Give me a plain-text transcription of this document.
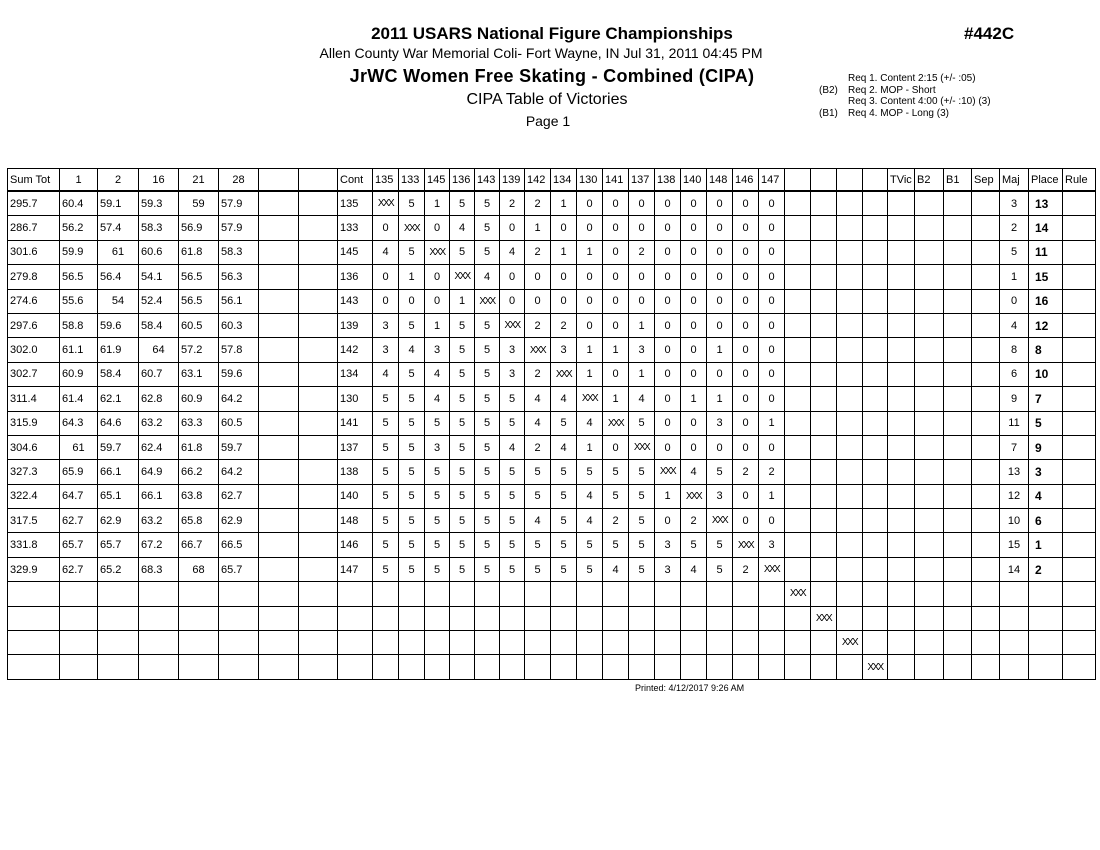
2011 USARS National Figure Championships	#442C
Allen County War Memorial Coli- Fort Wayne, IN Jul 31, 2011 04:45 PM
JrWC Women Free Skating - Combined (CIPA)
CIPA Table of Victories
Page 1
Req 1. Content 2:15 (+/- :05)
(B2)	Req 2. MOP - Short
Req 3. Content 4:00 (+/- :10) (3)
(B1)	Req 4. MOP - Long (3)
Sum Tot	1	2	16	21	28			Cont	135	133	145	136	143	139	142	134	130	141	137	138	140	148	146	147					TVic	B2	B1	Sep	Maj	Place	Rule
295.7	60.4	59.1	59.3	59	57.9			135	XXX	5	1	5	5	2	2	1	0	0	0	0	0	0	0	0									3	13	
286.7	56.2	57.4	58.3	56.9	57.9			133	0	XXX	0	4	5	0	1	0	0	0	0	0	0	0	0	0									2	14	
301.6	59.9	61	60.6	61.8	58.3			145	4	5	XXX	5	5	4	2	1	1	0	2	0	0	0	0	0									5	11	
279.8	56.5	56.4	54.1	56.5	56.3			136	0	1	0	XXX	4	0	0	0	0	0	0	0	0	0	0	0									1	15	
274.6	55.6	54	52.4	56.5	56.1			143	0	0	0	1	XXX	0	0	0	0	0	0	0	0	0	0	0									0	16	
297.6	58.8	59.6	58.4	60.5	60.3			139	3	5	1	5	5	XXX	2	2	0	0	1	0	0	0	0	0									4	12	
302.0	61.1	61.9	64	57.2	57.8			142	3	4	3	5	5	3	XXX	3	1	1	3	0	0	1	0	0									8	8	
302.7	60.9	58.4	60.7	63.1	59.6			134	4	5	4	5	5	3	2	XXX	1	0	1	0	0	0	0	0									6	10	
311.4	61.4	62.1	62.8	60.9	64.2			130	5	5	4	5	5	5	4	4	XXX	1	4	0	1	1	0	0									9	7	
315.9	64.3	64.6	63.2	63.3	60.5			141	5	5	5	5	5	5	4	5	4	XXX	5	0	0	3	0	1									11	5	
304.6	61	59.7	62.4	61.8	59.7			137	5	5	3	5	5	4	2	4	1	0	XXX	0	0	0	0	0									7	9	
327.3	65.9	66.1	64.9	66.2	64.2			138	5	5	5	5	5	5	5	5	5	5	5	XXX	4	5	2	2									13	3	
322.4	64.7	65.1	66.1	63.8	62.7			140	5	5	5	5	5	5	5	5	4	5	5	1	XXX	3	0	1									12	4	
317.5	62.7	62.9	63.2	65.8	62.9			148	5	5	5	5	5	5	4	5	4	2	5	0	2	XXX	0	0									10	6	
331.8	65.7	65.7	67.2	66.7	66.5			146	5	5	5	5	5	5	5	5	5	5	5	3	5	5	XXX	3									15	1	
329.9	62.7	65.2	68.3	68	65.7			147	5	5	5	5	5	5	5	5	5	4	5	3	4	5	2	XXX									14	2	
																									XXX										
																										XXX									
																											XXX								
																												XXX							
Printed: 4/12/2017 9:26 AM
